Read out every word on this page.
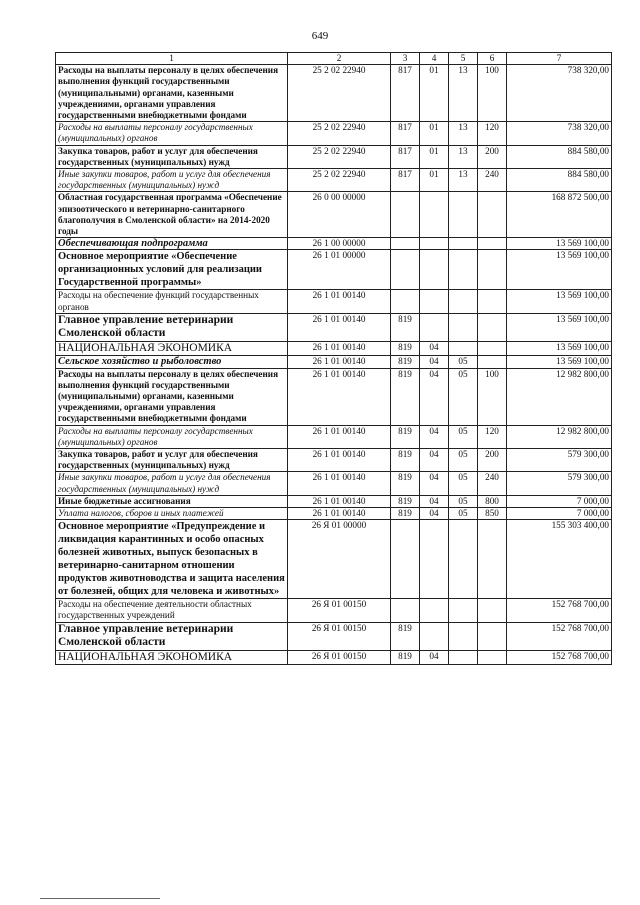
649
1	2	3	4	5	6	7
Расходы на выплаты персоналу в целях обеспечения выполнения функций государственными (муниципальными) органами, казенными учреждениями, органами управления государственными внебюджетными фондами	25 2 02 22940	817	01	13	100	738 320,00
Расходы на выплаты персоналу государственных (муниципальных) органов	25 2 02 22940	817	01	13	120	738 320,00
Закупка товаров, работ и услуг для обеспечения государственных (муниципальных) нужд	25 2 02 22940	817	01	13	200	884 580,00
Иные закупки товаров, работ и услуг для обеспечения государственных (муниципальных) нужд	25 2 02 22940	817	01	13	240	884 580,00
Областная государственная программа «Обеспечение эпизоотического и ветеринарно-санитарного благополучия в Смоленской области» на 2014-2020 годы	26 0 00 00000					168 872 500,00
Обеспечивающая подпрограмма	26 1 00 00000					13 569 100,00
Основное мероприятие «Обеспечение организационных условий для реализации Государственной программы»	26 1 01 00000					13 569 100,00
Расходы на обеспечение функций государственных органов	26 1 01 00140					13 569 100,00
Главное управление ветеринарии Смоленской области	26 1 01 00140	819				13 569 100,00
НАЦИОНАЛЬНАЯ ЭКОНОМИКА	26 1 01 00140	819	04			13 569 100,00
Сельское хозяйство и рыболовство	26 1 01 00140	819	04	05		13 569 100,00
Расходы на выплаты персоналу в целях обеспечения выполнения функций государственными (муниципальными) органами, казенными учреждениями, органами управления государственными внебюджетными фондами	26 1 01 00140	819	04	05	100	12 982 800,00
Расходы на выплаты персоналу государственных (муниципальных) органов	26 1 01 00140	819	04	05	120	12 982 800,00
Закупка товаров, работ и услуг для обеспечения государственных (муниципальных) нужд	26 1 01 00140	819	04	05	200	579 300,00
Иные закупки товаров, работ и услуг для обеспечения государственных (муниципальных) нужд	26 1 01 00140	819	04	05	240	579 300,00
Иные бюджетные ассигнования	26 1 01 00140	819	04	05	800	7 000,00
Уплата налогов, сборов и иных платежей	26 1 01 00140	819	04	05	850	7 000,00
Основное мероприятие «Предупреждение и ликвидация карантинных и особо опасных болезней животных, выпуск безопасных в ветеринарно-санитарном отношении продуктов животноводства и защита населения от болезней, общих для человека и животных»	26 Я 01 00000					155 303 400,00
Расходы на обеспечение деятельности областных государственных учреждений	26 Я 01 00150					152 768 700,00
Главное управление ветеринарии Смоленской области	26 Я 01 00150	819				152 768 700,00
НАЦИОНАЛЬНАЯ ЭКОНОМИКА	26 Я 01 00150	819	04			152 768 700,00
